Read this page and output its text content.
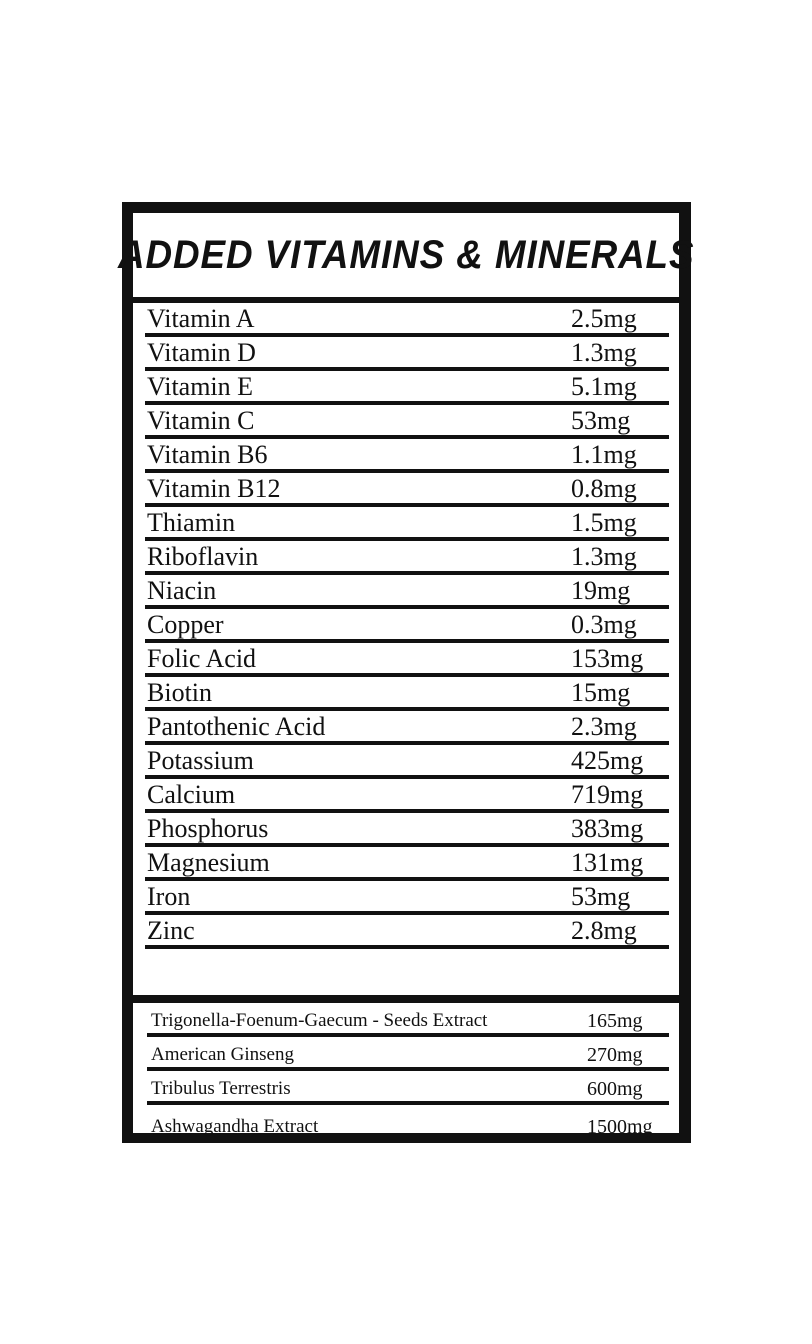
ADDED VITAMINS & MINERALS
Vitamin A	2.5mg
Vitamin D	1.3mg
Vitamin E	5.1mg
Vitamin C	53mg
Vitamin B6	1.1mg
Vitamin B12	0.8mg
Thiamin	1.5mg
Riboflavin	1.3mg
Niacin	19mg
Copper	0.3mg
Folic Acid	153mg
Biotin	15mg
Pantothenic Acid	2.3mg
Potassium	425mg
Calcium	719mg
Phosphorus	383mg
Magnesium	131mg
Iron	53mg
Zinc	2.8mg
Trigonella-Foenum-Gaecum - Seeds Extract	165mg
American Ginseng	270mg
Tribulus Terrestris	600mg
Ashwagandha Extract	1500mg
